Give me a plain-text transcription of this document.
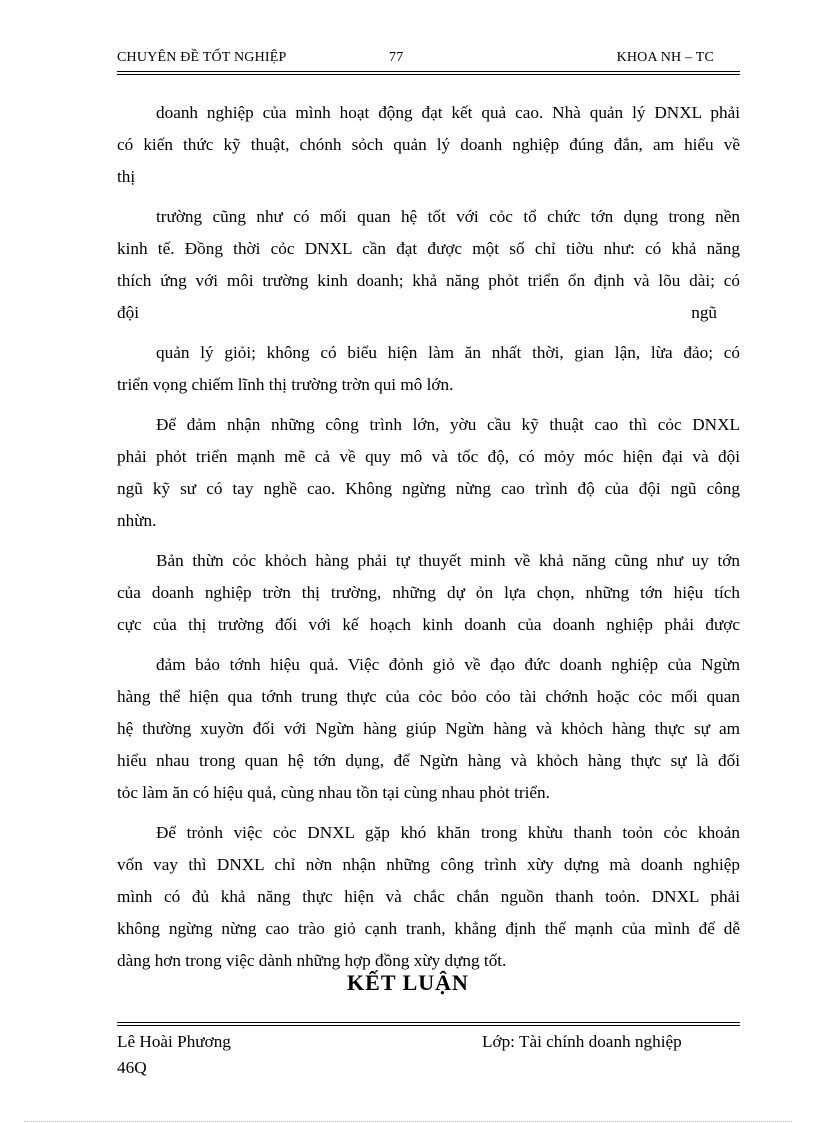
CHUYÊN ĐỀ TỐT NGHIỆP	77	KHOA NH – TC

doanh nghiệp của mình hoạt động đạt kết quả cao. Nhà quản lý DNXL phải

có kiến thức kỹ thuật, chónh sỏch quản lý doanh nghiệp đúng đắn, am hiểu về

thị

trường cũng như có mối quan hệ tốt với cỏc tổ chức tớn dụng trong nền

kinh tế. Đồng thời cỏc DNXL cần đạt được một số chỉ tiờu như: có khả năng

thích ứng với môi trường kinh doanh; khả năng phỏt triển ổn định và lõu dài; có

đội	ngũ

quản lý giỏi; không có biểu hiện làm ăn nhất thời, gian lận, lừa đảo; có

triển vọng chiếm lĩnh thị trường trờn qui mô lớn.

Để đảm nhận những công trình lớn, yờu cầu kỹ thuật cao thì cỏc DNXL

phải phỏt triển mạnh mẽ cả về quy mô và tốc độ, có mỏy móc hiện đại và đội

ngũ kỹ sư có tay nghề cao. Không ngừng nừng cao trình độ của đội ngũ công

nhừn.

Bản thừn cỏc khỏch hàng phải tự thuyết minh về khả năng cũng như uy tớn

của doanh nghiệp trờn thị trường, những dự ỏn lựa chọn, những tớn hiệu tích

cực của thị trường đối với kế hoạch kinh doanh của doanh nghiệp phải được

đảm bảo tớnh hiệu quả. Việc đỏnh giỏ về đạo đức doanh nghiệp của Ngừn

hàng thể hiện qua tớnh trung thực của cỏc bỏo cỏo tài chớnh hoặc cỏc mối quan

hệ thường xuyờn đối với Ngừn hàng giúp Ngừn hàng và khỏch hàng thực sự am

hiểu nhau trong quan hệ tớn dụng, để Ngừn hàng và khỏch hàng thực sự là đối

tỏc làm ăn có hiệu quả, cùng nhau tồn tại cùng nhau phỏt triển.

Để trỏnh việc cỏc DNXL gặp khó khăn trong khừu thanh toỏn cỏc khoản

vốn vay thì DNXL chỉ nờn nhận những công trình xừy dựng mà doanh nghiệp

mình có đủ khả năng thực hiện và chắc chắn nguồn thanh toỏn. DNXL phải

không ngừng nừng cao trào giỏ cạnh tranh, khẳng định thế mạnh của mình để dễ

dàng hơn trong việc dành những hợp đồng xừy dựng tốt.

KẾT LUẬN
Lê Hoài Phương	Lớp: Tài chính doanh nghiệp
46Q
